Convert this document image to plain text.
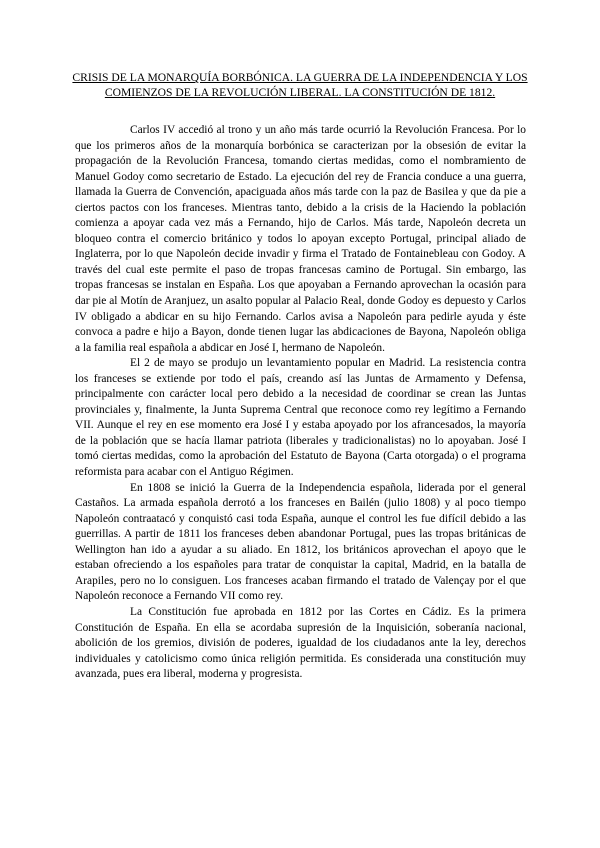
CRISIS DE LA MONARQUÍA BORBÓNICA. LA GUERRA DE LA INDEPENDENCIA Y LOS COMIENZOS DE LA REVOLUCIÓN LIBERAL. LA CONSTITUCIÓN DE 1812.

Carlos IV accedió al trono y un año más tarde ocurrió la Revolución Francesa. Por lo que los primeros años de la monarquía borbónica se caracterizan por la obsesión de evitar la propagación de la Revolución Francesa, tomando ciertas medidas, como el nombramiento de Manuel Godoy como secretario de Estado. La ejecución del rey de Francia conduce a una guerra, llamada la Guerra de Convención, apaciguada años más tarde con la paz de Basilea y que da pie a ciertos pactos con los franceses. Mientras tanto, debido a la crisis de la Haciendo la población comienza a apoyar cada vez más a Fernando, hijo de Carlos. Más tarde, Napoleón decreta un bloqueo contra el comercio británico y todos lo apoyan excepto Portugal, principal aliado de Inglaterra, por lo que Napoleón decide invadir y firma el Tratado de Fontainebleau con Godoy. A través del cual este permite el paso de tropas francesas camino de Portugal. Sin embargo, las tropas francesas se instalan en España. Los que apoyaban a Fernando aprovechan la ocasión para dar pie al Motín de Aranjuez, un asalto popular al Palacio Real, donde Godoy es depuesto y Carlos IV obligado a abdicar en su hijo Fernando. Carlos avisa a Napoleón para pedirle ayuda y éste convoca a padre e hijo a Bayon, donde tienen lugar las abdicaciones de Bayona, Napoleón obliga a la familia real española a abdicar en José I, hermano de Napoleón.

El 2 de mayo se produjo un levantamiento popular en Madrid. La resistencia contra los franceses se extiende por todo el país, creando así las Juntas de Armamento y Defensa, principalmente con carácter local pero debido a la necesidad de coordinar se crean las Juntas provinciales y, finalmente, la Junta Suprema Central que reconoce como rey legítimo a Fernando VII. Aunque el rey en ese momento era José I y estaba apoyado por los afrancesados, la mayoría de la población que se hacía llamar patriota (liberales y tradicionalistas) no lo apoyaban. José I tomó ciertas medidas, como la aprobación del Estatuto de Bayona (Carta otorgada) o el programa reformista para acabar con el Antiguo Régimen.

En 1808 se inició la Guerra de la Independencia española, liderada por el general Castaños. La armada española derrotó a los franceses en Bailén (julio 1808) y al poco tiempo Napoleón contraatacó y conquistó casi toda España, aunque el control les fue difícil debido a las guerrillas. A partir de 1811 los franceses deben abandonar Portugal, pues las tropas británicas de Wellington han ido a ayudar a su aliado. En 1812, los británicos aprovechan el apoyo que le estaban ofreciendo a los españoles para tratar de conquistar la capital, Madrid, en la batalla de Arapiles, pero no lo consiguen. Los franceses acaban firmando el tratado de Valençay por el que Napoleón reconoce a Fernando VII como rey.

La Constitución fue aprobada en 1812 por las Cortes en Cádiz. Es la primera Constitución de España. En ella se acordaba supresión de la Inquisición, soberanía nacional, abolición de los gremios, división de poderes, igualdad de los ciudadanos ante la ley, derechos individuales y catolicismo como única religión permitida. Es considerada una constitución muy avanzada, pues era liberal, moderna y progresista.
